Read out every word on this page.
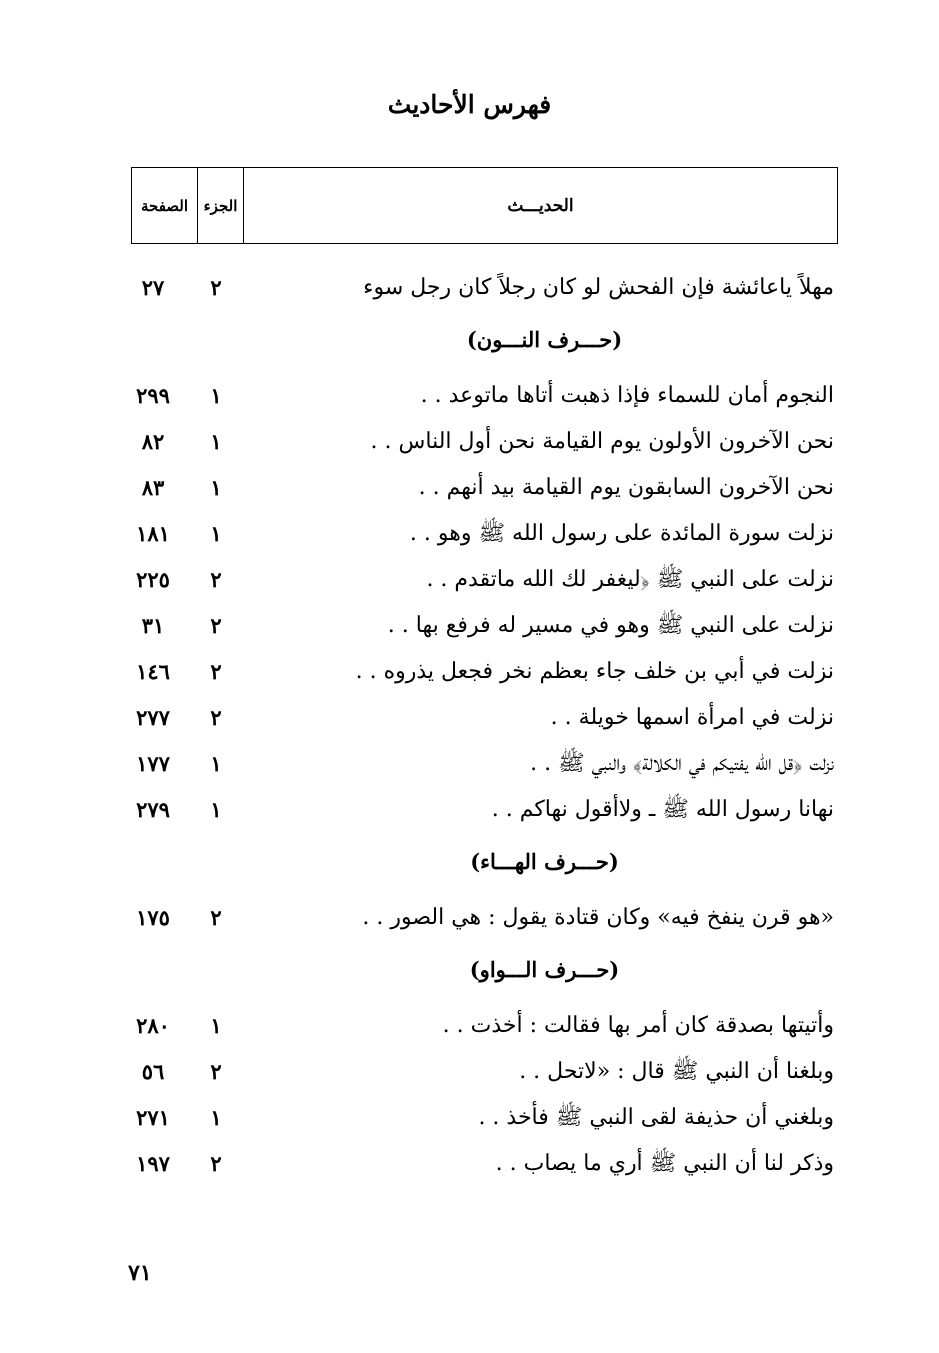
فهرس الأحاديث
الحديـــث
الجزء
الصفحة
مهلاً ياعائشة فإن الفحش لو كان رجلاً كان رجل سوء
٢
٢٧
(حـــرف النـــون)
النجوم أمان للسماء فإذا ذهبت أتاها ماتوعد . .
١
٢٩٩
نحن الآخرون الأولون يوم القيامة نحن أول الناس . .
١
٨٢
نحن الآخرون السابقون يوم القيامة بيد أنهم . .
١
٨٣
نزلت سورة المائدة على رسول الله ﷺ وهو . .
١
١٨١
نزلت على النبي ﷺ ﴿ليغفر لك الله ماتقدم . .
٢
٢٢٥
نزلت على النبي ﷺ وهو في مسير له فرفع بها . .
٢
٣١
نزلت في أبي بن خلف جاء بعظم نخر فجعل يذروه . .
٢
١٤٦
نزلت في امرأة اسمها خويلة . .
٢
٢٧٧
نزلت ﴿قل الله يفتيكم في الكلالة﴾ والنبي ﷺ . .
١
١٧٧
نهانا رسول الله ﷺ ـ ولاأقول نهاكم . .
١
٢٧٩
(حـــرف الهـــاء)
«هو قرن ينفخ فيه» وكان قتادة يقول : هي الصور . .
٢
١٧٥
(حـــرف الـــواو)
وأتيتها بصدقة كان أمر بها فقالت : أخذت . .
١
٢٨٠
وبلغنا أن النبي ﷺ قال : «لاتحل . .
٢
٥٦
وبلغني أن حذيفة لقى النبي ﷺ فأخذ . .
١
٢٧١
وذكر لنا أن النبي ﷺ أري ما يصاب . .
٢
١٩٧
٧١
